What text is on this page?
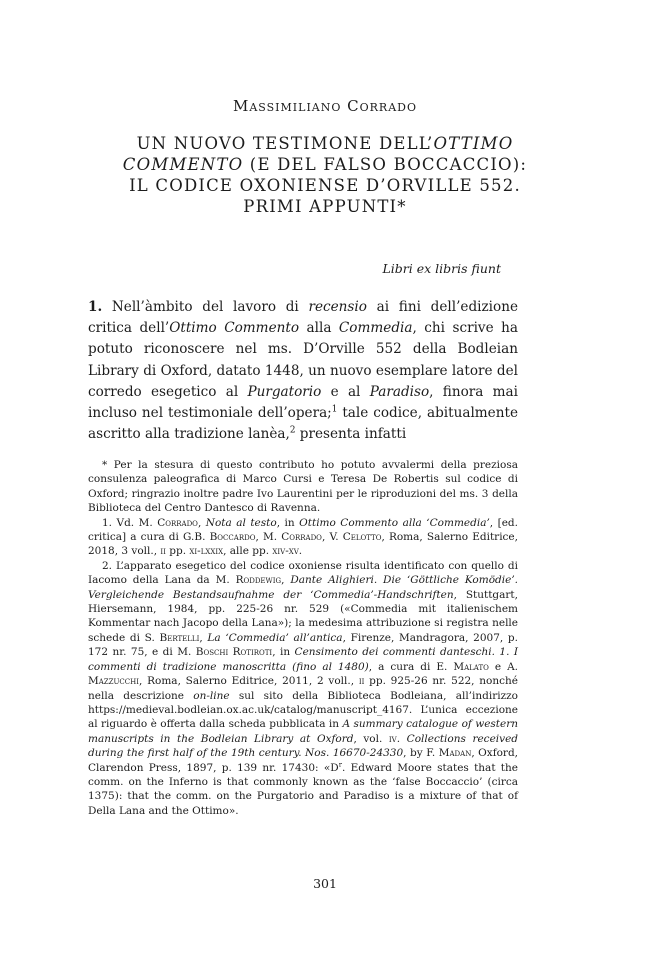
Massimiliano Corrado
UN NUOVO TESTIMONE DELL’OTTIMO
COMMENTO (E DEL FALSO BOCCACCIO):
IL CODICE OXONIENSE D’ORVILLE 552.
PRIMI APPUNTI*
Libri ex libris fiunt
1. Nell’àmbito del lavoro di recensio ai fini dell’edizione critica dell’Ottimo Commento alla Commedia, chi scrive ha potuto riconoscere nel ms. D’Orville 552 della Bodleian Library di Oxford, datato 1448, un nuovo esemplare latore del corredo esegetico al Purgatorio e al Paradiso, finora mai incluso nel testimoniale dell’opera;$^1$ tale codice, abitualmente ascritto alla tradizione lanèa,$^2$ presenta infatti

* Per la stesura di questo contributo ho potuto avvalermi della preziosa consulenza paleografica di Marco Cursi e Teresa De Robertis sul codice di Oxford; ringrazio inoltre padre Ivo Laurentini per le riproduzioni del ms. 3 della Biblioteca del Centro Dantesco di Ravenna.

1. Vd. M. Corrado, Nota al testo, in Ottimo Commento alla ‘Commedia’, [ed. critica] a cura di G.B. Boccardo, M. Corrado, V. Celotto, Roma, Salerno Editrice, 2018, 3 voll., ii pp. xi-lxxix, alle pp. xiv-xv.

2. L’apparato esegetico del codice oxoniense risulta identificato con quello di Iacomo della Lana da M. Roddewig, Dante Alighieri. Die ‘Göttliche Komödie’. Vergleichende Bestandsaufnahme der ‘Commedia’-Handschriften, Stuttgart, Hiersemann, 1984, pp. 225-26 nr. 529 («Commedia mit italienischem Kommentar nach Jacopo della Lana»); la medesima attribuzione si registra nelle schede di S. Bertelli, La ‘Commedia’ all’antica, Firenze, Mandragora, 2007, p. 172 nr. 75, e di M. Boschi Rotiroti, in Censimento dei commenti danteschi. 1. I commenti di tradizione manoscritta (fino al 1480), a cura di E. Malato e A. Mazzucchi, Roma, Salerno Editrice, 2011, 2 voll., ii pp. 925-26 nr. 522, nonché nella descrizione on-line sul sito della Biblioteca Bodleiana, all’indirizzo https://medieval.bodleian.ox.ac.uk/catalog/manuscript_4167. L’unica eccezione al riguardo è offerta dalla scheda pubblicata in A summary catalogue of western manuscripts in the Bodleian Library at Oxford, vol. iv. Collections received during the first half of the 19th century. Nos. 16670-24330, by F. Madan, Oxford, Clarendon Press, 1897, p. 139 nr. 17430: «$D^r$. Edward Moore states that the comm. on the Inferno is that commonly known as the ‘false Boccaccio’ (circa 1375): that the comm. on the Purgatorio and Paradiso is a mixture of that of Della Lana and the Ottimo».

301
